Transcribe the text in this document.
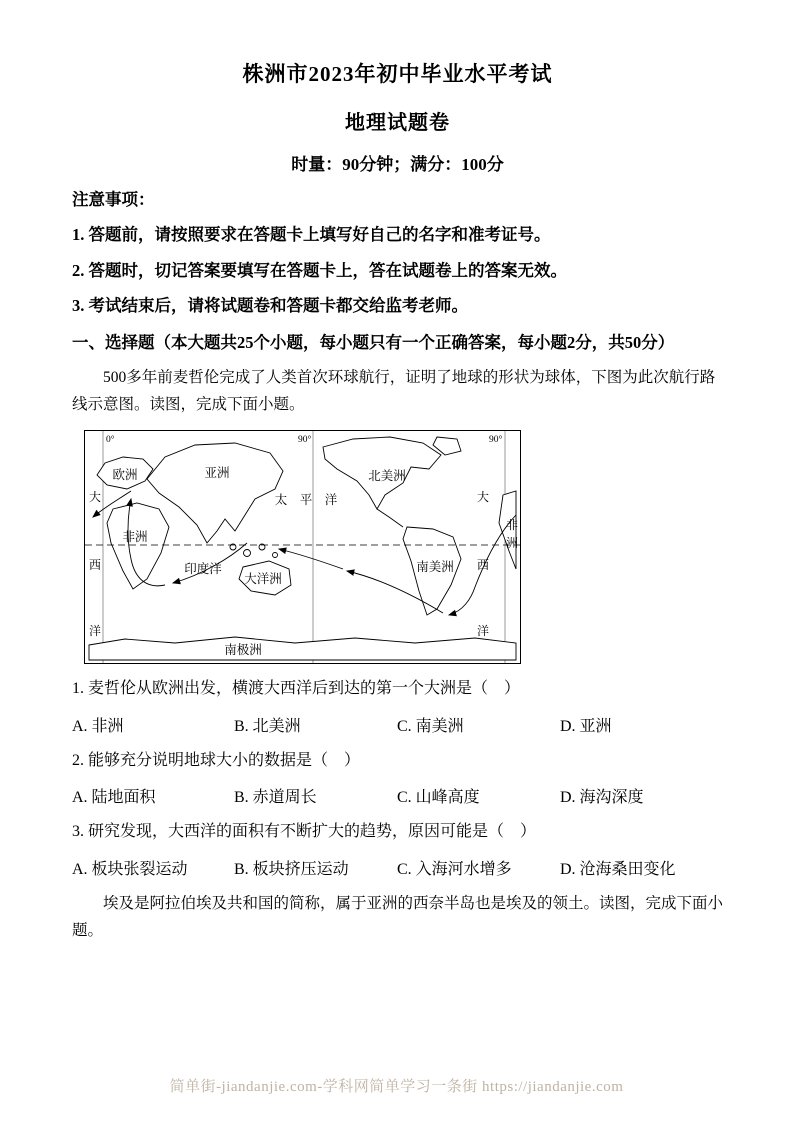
株洲市2023年初中毕业水平考试
地理试题卷
时量：90分钟；满分：100分
注意事项：
1. 答题前，请按照要求在答题卡上填写好自己的名字和准考证号。
2. 答题时，切记答案要填写在答题卡上，答在试题卷上的答案无效。
3. 考试结束后，请将试题卷和答题卡都交给监考老师。
一、选择题（本大题共25个小题，每小题只有一个正确答案，每小题2分，共50分）

500多年前麦哲伦完成了人类首次环球航行，证明了地球的形状为球体，下图为此次航行路线示意图。读图，完成下面小题。

0°	90°	90°
欧洲	亚洲	北美洲
太　平　洋
非洲
印度洋
大洋洲
南美洲
南极洲
大
西
洋
大
西
洋
非
洲
1. 麦哲伦从欧洲出发，横渡大西洋后到达的第一个大洲是（　）
A. 非洲	B. 北美洲	C. 南美洲	D. 亚洲
2. 能够充分说明地球大小的数据是（　）
A. 陆地面积	B. 赤道周长	C. 山峰高度	D. 海沟深度
3. 研究发现，大西洋的面积有不断扩大的趋势，原因可能是（　）
A. 板块张裂运动	B. 板块挤压运动	C. 入海河水增多	D. 沧海桑田变化

埃及是阿拉伯埃及共和国的简称，属于亚洲的西奈半岛也是埃及的领土。读图，完成下面小题。

简单街-jiandanjie.com-学科网简单学习一条街 https://jiandanjie.com
